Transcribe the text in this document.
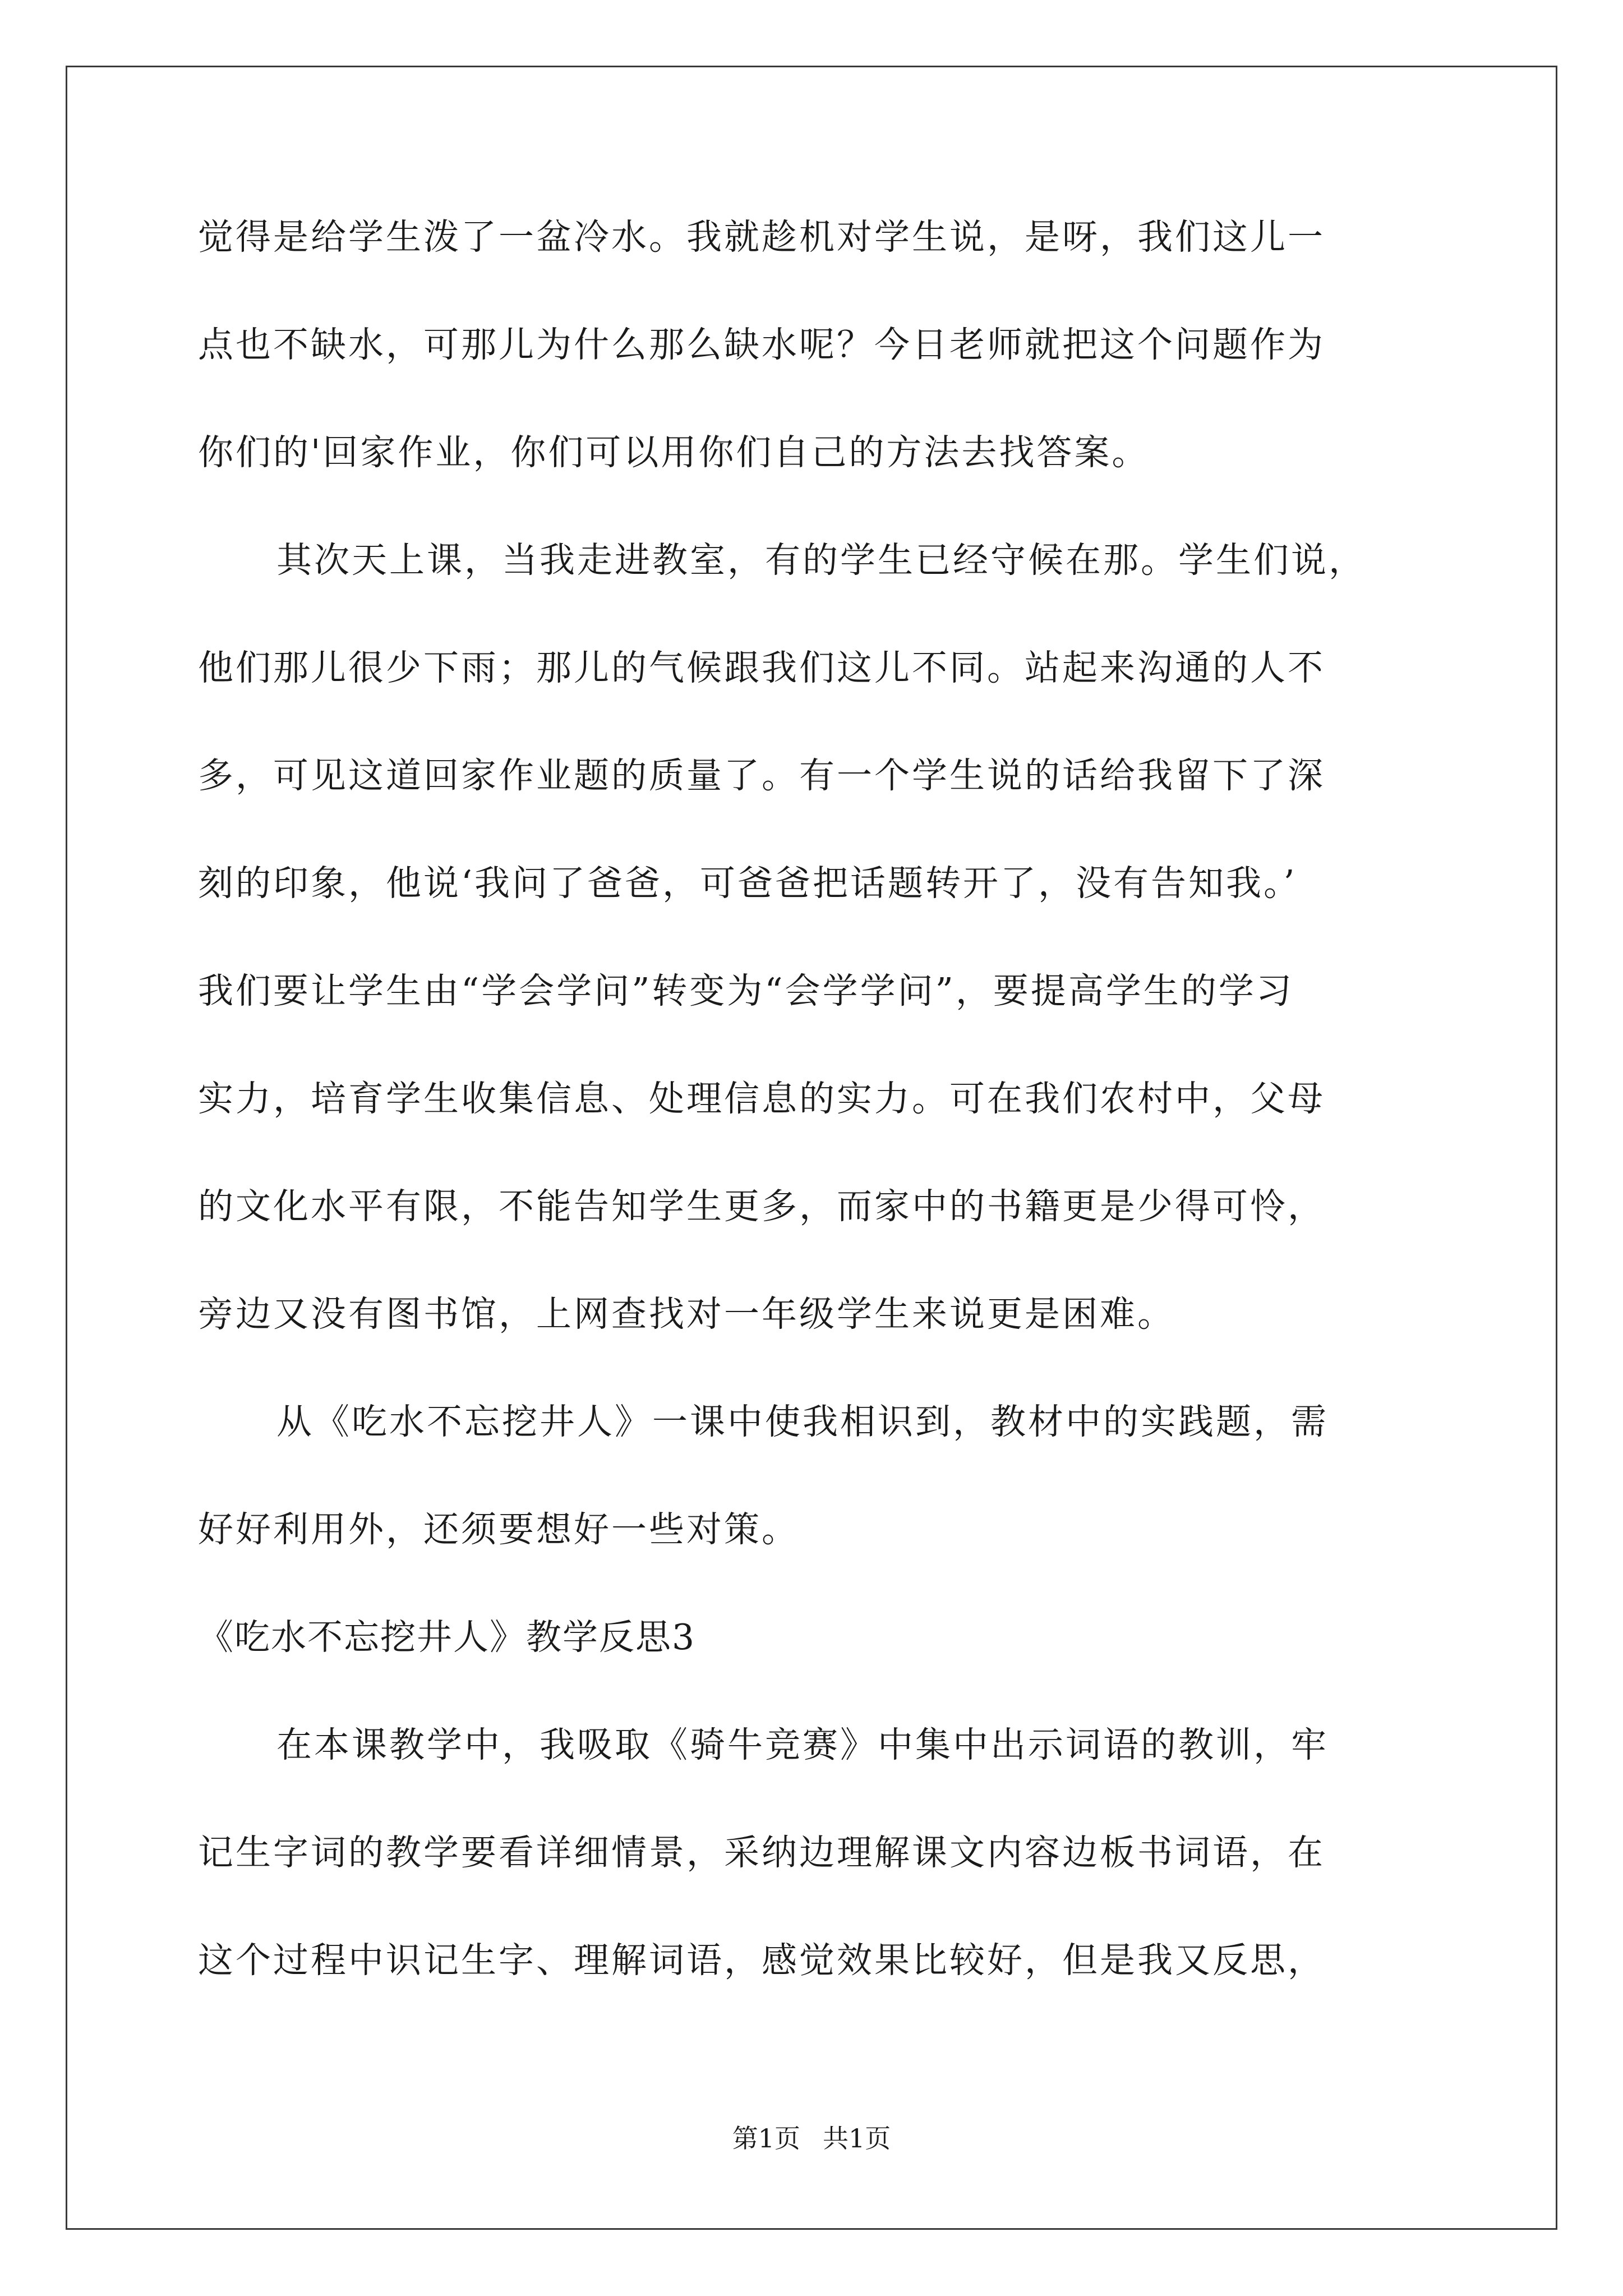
觉得是给学生泼了一盆冷水。我就趁机对学生说，是呀，我们这儿一
点也不缺水，可那儿为什么那么缺水呢？今日老师就把这个问题作为
你们的'回家作业，你们可以用你们自己的方法去找答案。
其次天上课，当我走进教室，有的学生已经守候在那。学生们说，
他们那儿很少下雨；那儿的气候跟我们这儿不同。站起来沟通的人不
多，可见这道回家作业题的质量了。有一个学生说的话给我留下了深
刻的印象，他说‘我问了爸爸，可爸爸把话题转开了，没有告知我。’
我们要让学生由“学会学问”转变为“会学学问”，要提高学生的学习
实力，培育学生收集信息、处理信息的实力。可在我们农村中，父母
的文化水平有限，不能告知学生更多，而家中的书籍更是少得可怜，
旁边又没有图书馆，上网查找对一年级学生来说更是困难。
从《吃水不忘挖井人》一课中使我相识到，教材中的实践题，需
好好利用外，还须要想好一些对策。
《吃水不忘挖井人》教学反思3
在本课教学中，我吸取《骑牛竞赛》中集中出示词语的教训，牢
记生字词的教学要看详细情景，采纳边理解课文内容边板书词语，在
这个过程中识记生字、理解词语，感觉效果比较好，但是我又反思，
第1页 共1页
